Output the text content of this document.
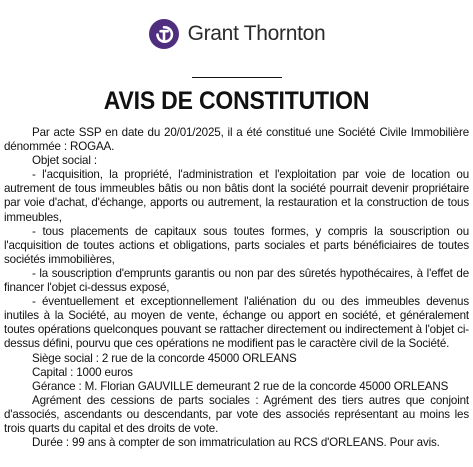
Grant Thornton
AVIS DE CONSTITUTION

Par acte SSP en date du 20/01/2025, il a été constitué une Société Civile Immobilière dénommée : ROGAA.

Objet social :

- l'acquisition, la propriété, l'administration et l'exploitation par voie de location ou autrement de tous immeubles bâtis ou non bâtis dont la société pourrait devenir propriétaire par voie d'achat, d'échange, apports ou autrement, la restauration et la construction de tous immeubles,

- tous placements de capitaux sous toutes formes, y compris la souscription ou l'acquisition de toutes actions et obligations, parts sociales et parts bénéficiaires de toutes sociétés immobilières,

- la souscription d'emprunts garantis ou non par des sûretés hypothécaires, à l'effet de financer l'objet ci-dessus exposé,

- éventuellement et exceptionnellement l'aliénation du ou des immeubles devenus inutiles à la Société, au moyen de vente, échange ou apport en société, et généralement toutes opérations quelconques pouvant se rattacher directement ou indirectement à l'objet ci-dessus défini, pourvu que ces opérations ne modifient pas le caractère civil de la Société.

Siège social : 2 rue de la concorde 45000 ORLEANS

Capital : 1000 euros

Gérance : M. Florian GAUVILLE demeurant 2 rue de la concorde 45000 ORLEANS

Agrément des cessions de parts sociales : Agrément des tiers autres que conjoint d'associés, ascendants ou descendants, par vote des associés représentant au moins les trois quarts du capital et des droits de vote.

Durée : 99 ans à compter de son immatriculation au RCS d'ORLEANS. Pour avis.
